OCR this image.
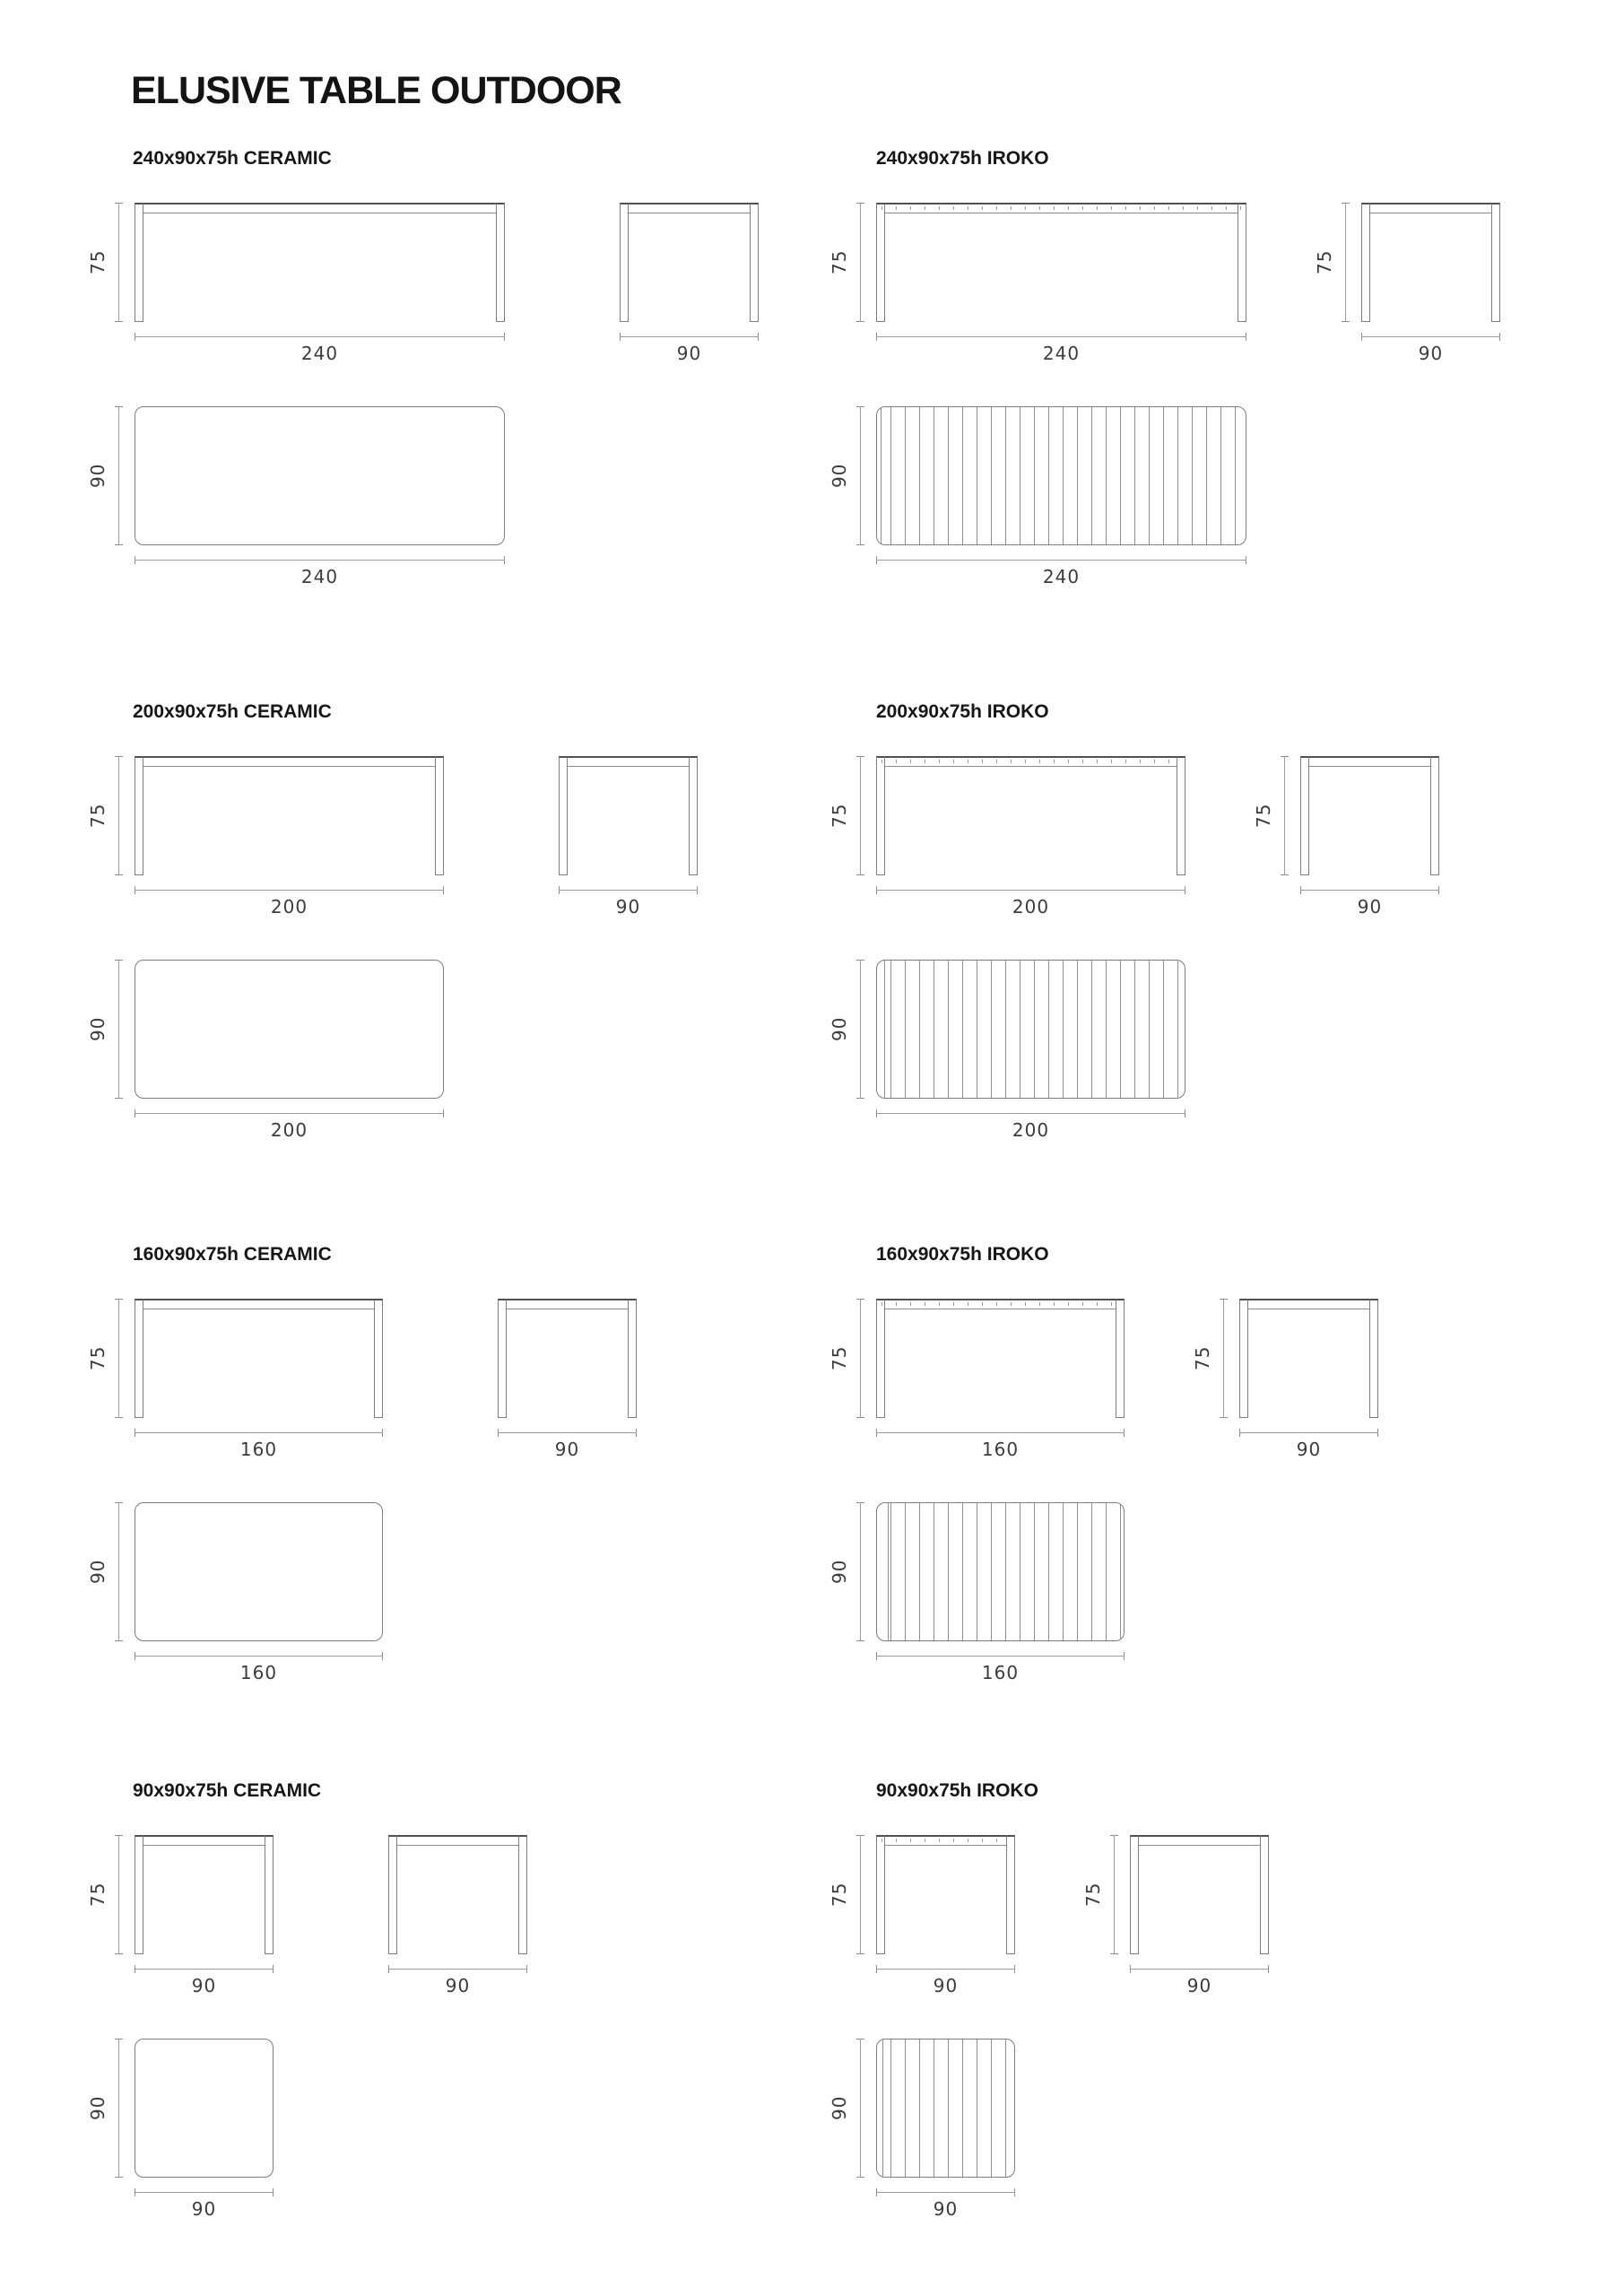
ELUSIVE TABLE OUTDOOR
240x90x75h CERAMIC	240x90x75h IROKO
75
240	90
90
240
75
240
75
90
90
240
200x90x75h CERAMIC	200x90x75h IROKO
75
200	90
90
200
75
200
75
90
90
200
160x90x75h CERAMIC	160x90x75h IROKO
75
160	90
90
160
75
160
75
90
90
160
90x90x75h CERAMIC	90x90x75h IROKO
75
90	90
90
90
75
90
75
90
90
90
